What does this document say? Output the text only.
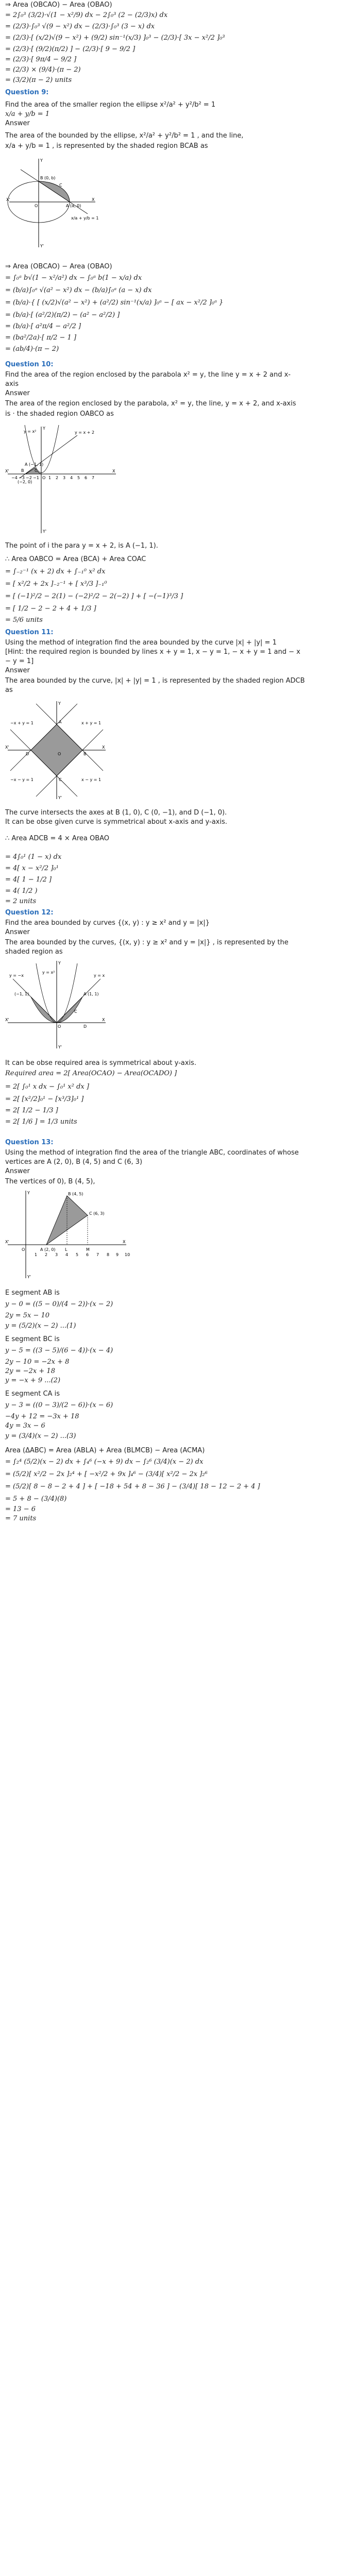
⇒ Area (OBCAO) − Area (OBAO)
= 2∫₀³ (3/2)·√(1 − x²/9) dx − 2∫₀³ (2 − (2/3)x) dx
= (2/3)·∫₀³ √(9 − x²) dx − (2/3)·∫₀³ (3 − x) dx
= (2/3)·[ (x/2)√(9 − x²) + (9/2) sin⁻¹(x/3) ]₀³ − (2/3)·[ 3x − x²/2 ]₀³
= (2/3)·[ (9/2)(π/2) ] − (2/3)·[ 9 − 9/2 ]
= (2/3)·[ 9π/4 − 9/2 ]
= (2/3) × (9/4)·(π − 2)
= (3/2)(π − 2) units
Question 9:
Find the area of the smaller region the ellipse x²/a² + y²/b² = 1
x/a + y/b = 1
Answer
The area of the bounded by the ellipse, x²/a² + y²/b² = 1 , and the line,
x/a + y/b = 1 , is represented by the shaded region BCAB as
B (0, b)
C
O	A (a, 0)
X'	X
Y
Y'
x/a + y/b = 1
⇒ Area (OBCAO) − Area (OBAO)
= ∫₀ᵃ b√(1 − x²/a²) dx − ∫₀ᵃ b(1 − x/a) dx
= (b/a)∫₀ᵃ √(a² − x²) dx − (b/a)∫₀ᵃ (a − x) dx
= (b/a)·{ [ (x/2)√(a² − x²) + (a²/2) sin⁻¹(x/a) ]₀ᵃ − [ ax − x²/2 ]₀ᵃ }
= (b/a)·[ (a²/2)(π/2) − (a² − a²/2) ]
= (b/a)·[ a²π/4 − a²/2 ]
= (ba²/2a)·[ π/2 − 1 ]
= (ab/4)·(π − 2)
Question 10:
Find the area of the region enclosed by the parabola x² = y, the line y = x + 2 and x-
axis
Answer
The area of the region enclosed by the parabola, x² = y, the line, y = x + 2, and x-axis
is · the shaded region OABCO as
y = x²	y = x + 2
A (−1, 1)
B	C
O
X'	X
Y
Y'
(−2, 0)
−4 −3 −2 −1 1 2 3 4 5 6 7
The point of i the para y = x + 2, is A (−1, 1).
∴ Area OABCO = Area (BCA) + Area COAC
= ∫₋₂⁻¹ (x + 2) dx + ∫₋₁⁰ x² dx
= [ x²/2 + 2x ]₋₂⁻¹ + [ x³/3 ]₋₁⁰
= [ (−1)²/2 − 2(1) − (−2)²/2 − 2(−2) ] + [ −(−1)³/3 ]
= [ 1/2 − 2 − 2 + 4 + 1/3 ]
= 5/6 units
Question 11:
Using the method of integration find the area bounded by the curve |x| + |y| = 1
[Hint: the required region is bounded by lines x + y = 1, x − y = 1, − x + y = 1 and − x
− y = 1]
Answer
The area bounded by the curve, |x| + |y| = 1 , is represented by the shaded region ADCB
as
A
B
C
D	O
X'	X
Y
Y'
x + y = 1
−x + y = 1
x − y = 1
−x − y = 1
The curve intersects the axes at B (1, 0), C (0, −1), and D (−1, 0).
It can be obse given curve is symmetrical about x-axis and y-axis.
∴ Area ADCB = 4 × Area OBAO
= 4∫₀¹ (1 − x) dx
= 4[ x − x²/2 ]₀¹
= 4[ 1 − 1/2 ]
= 4( 1/2 )
= 2 units
Question 12:
Find the area bounded by curves {(x, y) : y ≥ x² and y = |x|}
Answer
The area bounded by the curves, {(x, y) : y ≥ x² and y = |x|} , is represented by the
shaded region as
y = x²
y = x
y = −x
A (1, 1)
(−1, 1)
C
D
O
X'	X
Y
Y'
It can be obse required area is symmetrical about y-axis.
Required area = 2[ Area(OCAO) − Area(OCADO) ]
= 2[ ∫₀¹ x dx − ∫₀¹ x² dx ]
= 2[ [x²/2]₀¹ − [x³/3]₀¹ ]
= 2[ 1/2 − 1/3 ]
= 2[ 1/6 ] = 1/3 units
Question 13:
Using the method of integration find the area of the triangle ABC, coordinates of whose
vertices are A (2, 0), B (4, 5) and C (6, 3)
Answer
The vertices of 0), B (4, 5),
A (2, 0)
B (4, 5)
C (6, 3)
L	M
O
X'	X
Y
Y'
1 2 3 4 5 6 7 8 9 10
E segment AB is
y − 0 = ((5 − 0)/(4 − 2))·(x − 2)
2y = 5x − 10
y = (5/2)(x − 2) ...(1)
E segment BC is
y − 5 = ((3 − 5)/(6 − 4))·(x − 4)
2y − 10 = −2x + 8
2y = −2x + 18
y = −x + 9 ...(2)
E segment CA is
y − 3 = ((0 − 3)/(2 − 6))·(x − 6)
−4y + 12 = −3x + 18
4y = 3x − 6
y = (3/4)(x − 2) ...(3)
Area (ΔABC) = Area (ABLA) + Area (BLMCB) − Area (ACMA)
= ∫₂⁴ (5/2)(x − 2) dx + ∫₄⁶ (−x + 9) dx − ∫₂⁶ (3/4)(x − 2) dx
= (5/2)[ x²/2 − 2x ]₂⁴ + [ −x²/2 + 9x ]₄⁶ − (3/4)[ x²/2 − 2x ]₂⁶
= (5/2)[ 8 − 8 − 2 + 4 ] + [ −18 + 54 + 8 − 36 ] − (3/4)[ 18 − 12 − 2 + 4 ]
= 5 + 8 − (3/4)(8)
= 13 − 6
= 7 units
